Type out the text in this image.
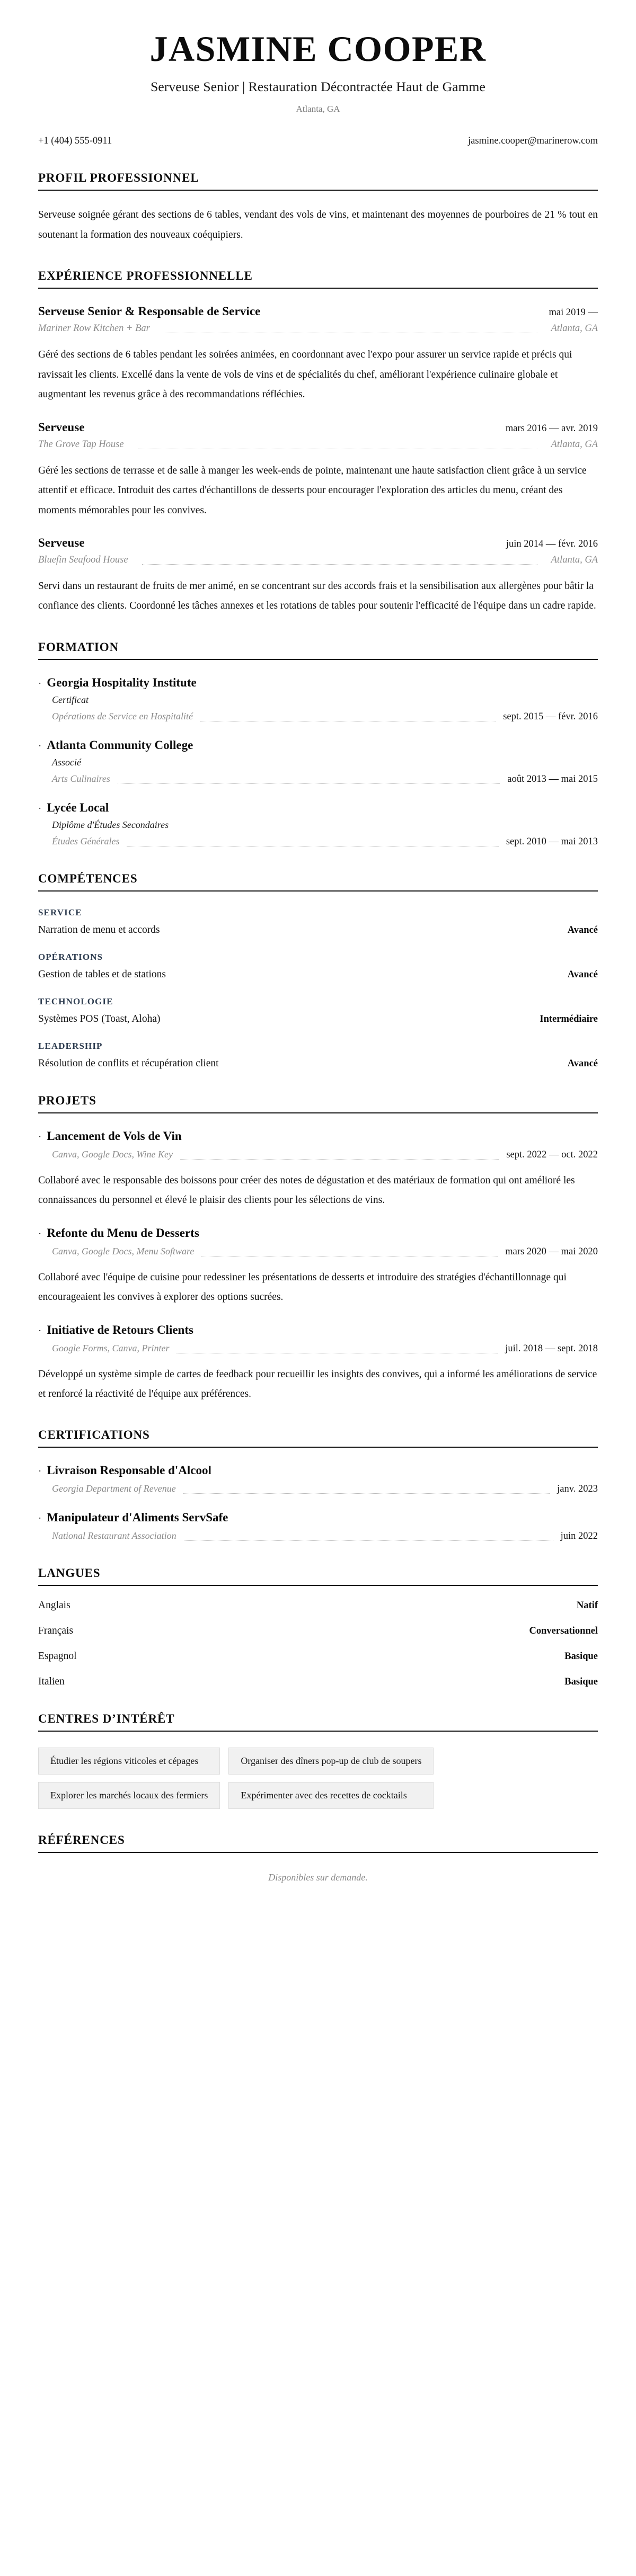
JASMINE COOPER
Serveuse Senior | Restauration Décontractée Haut de Gamme
Atlanta, GA
+1 (404) 555-0911	jasmine.cooper@marinerow.com
PROFIL PROFESSIONNEL

Serveuse soignée gérant des sections de 6 tables, vendant des vols de vins, et maintenant des moyennes de pourboires de 21 % tout en soutenant la formation des nouveaux coéquipiers.

EXPÉRIENCE PROFESSIONNELLE
Serveuse Senior & Responsable de Service	mai 2019 —
Mariner Row Kitchen + Bar	Atlanta, GA

Géré des sections de 6 tables pendant les soirées animées, en coordonnant avec l'expo pour assurer un service rapide et précis qui ravissait les clients. Excellé dans la vente de vols de vins et de spécialités du chef, améliorant l'expérience culinaire globale et augmentant les revenus grâce à des recommandations réfléchies.

Serveuse	mars 2016 — avr. 2019
The Grove Tap House	Atlanta, GA

Géré les sections de terrasse et de salle à manger les week-ends de pointe, maintenant une haute satisfaction client grâce à un service attentif et efficace. Introduit des cartes d'échantillons de desserts pour encourager l'exploration des articles du menu, créant des moments mémorables pour les convives.

Serveuse	juin 2014 — févr. 2016
Bluefin Seafood House	Atlanta, GA

Servi dans un restaurant de fruits de mer animé, en se concentrant sur des accords frais et la sensibilisation aux allergènes pour bâtir la confiance des clients. Coordonné les tâches annexes et les rotations de tables pour soutenir l'efficacité de l'équipe dans un cadre rapide.

FORMATION
· Georgia Hospitality Institute
Certificat
Opérations de Service en Hospitalité	sept. 2015 — févr. 2016
· Atlanta Community College
Associé
Arts Culinaires	août 2013 — mai 2015
· Lycée Local
Diplôme d'Études Secondaires
Études Générales	sept. 2010 — mai 2013
COMPÉTENCES
SERVICE
Narration de menu et accords	Avancé
OPÉRATIONS
Gestion de tables et de stations	Avancé
TECHNOLOGIE
Systèmes POS (Toast, Aloha)	Intermédiaire
LEADERSHIP
Résolution de conflits et récupération client	Avancé
PROJETS
· Lancement de Vols de Vin
Canva, Google Docs, Wine Key	sept. 2022 — oct. 2022

Collaboré avec le responsable des boissons pour créer des notes de dégustation et des matériaux de formation qui ont amélioré les connaissances du personnel et élevé le plaisir des clients pour les sélections de vins.

· Refonte du Menu de Desserts
Canva, Google Docs, Menu Software	mars 2020 — mai 2020

Collaboré avec l'équipe de cuisine pour redessiner les présentations de desserts et introduire des stratégies d'échantillonnage qui encourageaient les convives à explorer des options sucrées.

· Initiative de Retours Clients
Google Forms, Canva, Printer	juil. 2018 — sept. 2018

Développé un système simple de cartes de feedback pour recueillir les insights des convives, qui a informé les améliorations de service et renforcé la réactivité de l'équipe aux préférences.

CERTIFICATIONS
· Livraison Responsable d'Alcool
Georgia Department of Revenue	janv. 2023
· Manipulateur d'Aliments ServSafe
National Restaurant Association	juin 2022
LANGUES
Anglais	Natif
Français	Conversationnel
Espagnol	Basique
Italien	Basique
CENTRES D’INTÉRÊT
Étudier les régions viticoles et cépages	Organiser des dîners pop-up de club de soupers
Explorer les marchés locaux des fermiers	Expérimenter avec des recettes de cocktails
RÉFÉRENCES
Disponibles sur demande.
